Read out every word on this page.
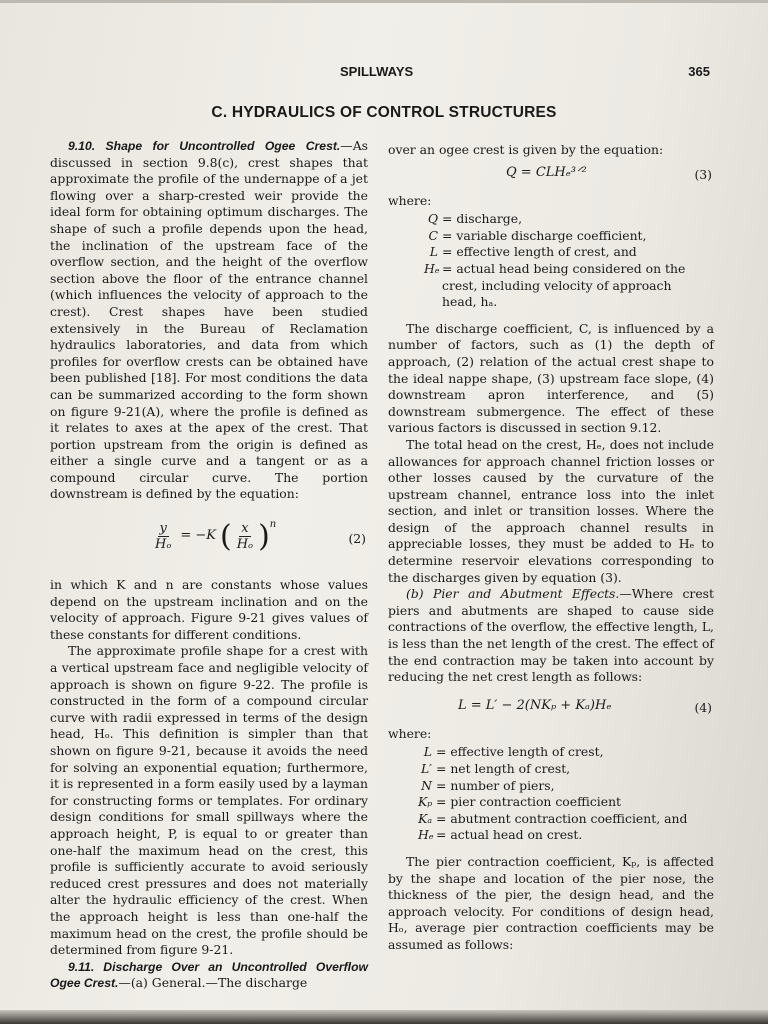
SPILLWAYS	365
C. HYDRAULICS OF CONTROL STRUCTURES

9.10. Shape for Uncontrolled Ogee Crest.—As discussed in section 9.8(c), crest shapes that approximate the profile of the undernappe of a jet flowing over a sharp-crested weir provide the ideal form for obtaining optimum discharges. The shape of such a profile depends upon the head, the inclination of the upstream face of the overflow section, and the height of the overflow section above the floor of the entrance channel (which influences the velocity of approach to the crest). Crest shapes have been studied extensively in the Bureau of Reclamation hydraulics laboratories, and data from which profiles for overflow crests can be obtained have been published [18]. For most conditions the data can be summarized according to the form shown on figure 9-21(A), where the profile is defined as it relates to axes at the apex of the crest. That portion upstream from the origin is defined as either a single curve and a tangent or as a compound circular curve. The portion downstream is defined by the equation:

$\frac{y}{\text{Hₒ}} = -K$ ( $\frac{x}{\text{Hₒ}} )^n$
(2)

in which K and n are constants whose values depend on the upstream inclination and on the velocity of approach. Figure 9-21 gives values of these constants for different conditions.

The approximate profile shape for a crest with a vertical upstream face and negligible velocity of approach is shown on figure 9-22. The profile is constructed in the form of a compound circular curve with radii expressed in terms of the design head, Hₒ. This definition is simpler than that shown on figure 9-21, because it avoids the need for solving an exponential equation; furthermore, it is represented in a form easily used by a layman for constructing forms or templates. For ordinary design conditions for small spillways where the approach height, P, is equal to or greater than one-half the maximum head on the crest, this profile is sufficiently accurate to avoid seriously reduced crest pressures and does not materially alter the hydraulic efficiency of the crest. When the approach height is less than one-half the maximum head on the crest, the profile should be determined from figure 9-21.

9.11. Discharge Over an Uncontrolled Overflow Ogee Crest.—(a) General.—The discharge

over an ogee crest is given by the equation:

Q = CLHₑ³ᐟ²	(3)

where:

Q = discharge,
C = variable discharge coefficient,
L = effective length of crest, and
Hₑ = actual head being considered on the crest, including velocity of approach head, hₐ.

The discharge coefficient, C, is influenced by a number of factors, such as (1) the depth of approach, (2) relation of the actual crest shape to the ideal nappe shape, (3) upstream face slope, (4) downstream apron interference, and (5) downstream submergence. The effect of these various factors is discussed in section 9.12.

The total head on the crest, Hₑ, does not include allowances for approach channel friction losses or other losses caused by the curvature of the upstream channel, entrance loss into the inlet section, and inlet or transition losses. Where the design of the approach channel results in appreciable losses, they must be added to Hₑ to determine reservoir elevations corresponding to the discharges given by equation (3).

(b) Pier and Abutment Effects.—Where crest piers and abutments are shaped to cause side contractions of the overflow, the effective length, L, is less than the net length of the crest. The effect of the end contraction may be taken into account by reducing the net crest length as follows:

L = L′ − 2(NKₚ + Kₐ)Hₑ	(4)

where:

L = effective length of crest,
L′ = net length of crest,
N = number of piers,
Kₚ = pier contraction coefficient
Kₐ = abutment contraction coefficient, and
Hₑ = actual head on crest.

The pier contraction coefficient, Kₚ, is affected by the shape and location of the pier nose, the thickness of the pier, the design head, and the approach velocity. For conditions of design head, Hₒ, average pier contraction coefficients may be assumed as follows:
